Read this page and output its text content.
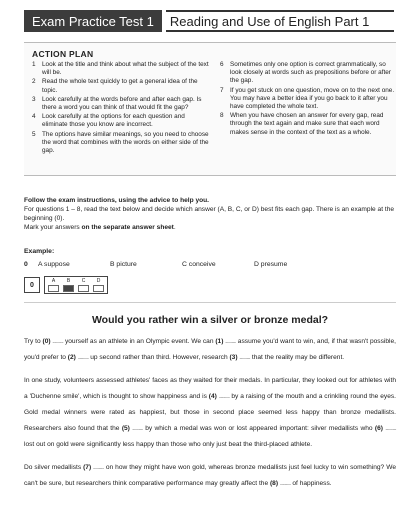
Exam Practice Test 1	Reading and Use of English Part 1
ACTION PLAN
1	Look at the title and think about what the subject of the text will be.
2	Read the whole text quickly to get a general idea of the topic.
3	Look carefully at the words before and after each gap. Is there a word you can think of that would fit the gap?
4	Look carefully at the options for each question and eliminate those you know are incorrect.
5	The options have similar meanings, so you need to choose the word that combines with the words on either side of the gap.
6	Sometimes only one option is correct grammatically, so look closely at words such as prepositions before or after the gap.
7	If you get stuck on one question, move on to the next one. You may have a better idea if you go back to it after you have completed the whole text.
8	When you have chosen an answer for every gap, read through the text again and make sure that each word makes sense in the context of the text as a whole.

Follow the exam instructions, using the advice to help you.

For questions 1 – 8, read the text below and decide which answer (A, B, C, or D) best fits each gap. There is an example at the beginning (0).

Mark your answers on the separate answer sheet.

Example:
0	A suppose	B picture	C conceive	D presume
0
A B C D
Would you rather win a silver or bronze medal?

Try to (0) ............ yourself as an athlete in an Olympic event. We can (1) ............ assume you'd want to win, and, if that wasn't possible, you'd prefer to (2) ............ up second rather than third. However, research (3) ............ that the reality may be different.

In one study, volunteers assessed athletes' faces as they waited for their medals. In particular, they looked out for athletes with a 'Duchenne smile', which is thought to show happiness and is (4) ............ by a raising of the mouth and a crinkling round the eyes. Gold medal winners were rated as happiest, but those in second place seemed less happy than bronze medallists. Researchers also found that the (5) ............ by which a medal was won or lost appeared important: silver medallists who (6) ............ lost out on gold were significantly less happy than those who only just beat the third-placed athlete.

Do silver medallists (7) ............ on how they might have won gold, whereas bronze medallists just feel lucky to win something? We can't be sure, but researchers think comparative performance may greatly affect the (8) ............ of happiness.
